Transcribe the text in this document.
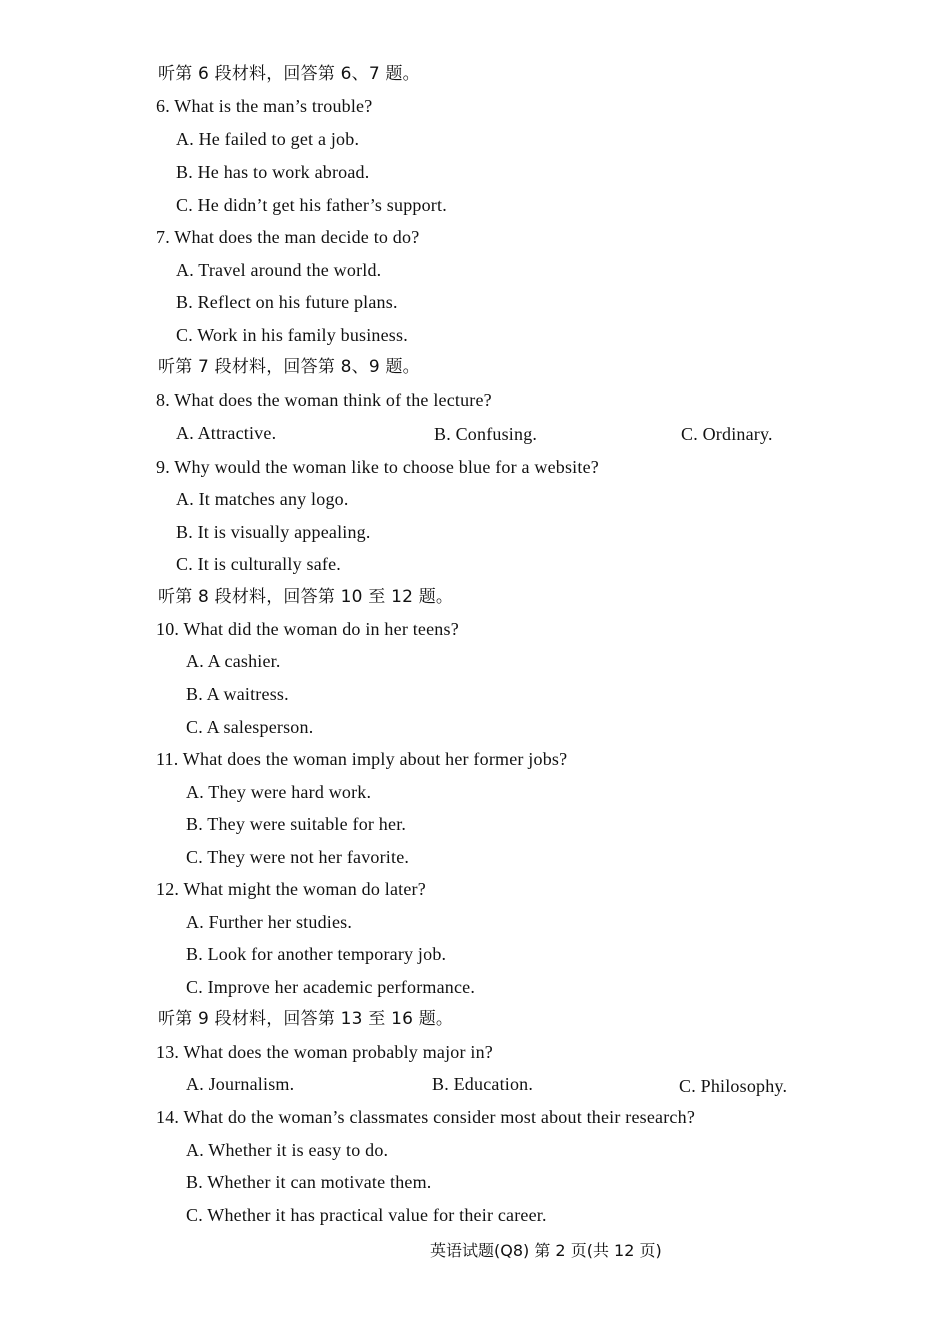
听第 6 段材料，回答第 6、7 题。
6. What is the man’s trouble?
A. He failed to get a job.
B. He has to work abroad.
C. He didn’t get his father’s support.
7. What does the man decide to do?
A. Travel around the world.
B. Reflect on his future plans.
C. Work in his family business.
听第 7 段材料，回答第 8、9 题。
8. What does the woman think of the lecture?
A. Attractive.	B. Confusing.	C. Ordinary.
9. Why would the woman like to choose blue for a website?
A. It matches any logo.
B. It is visually appealing.
C. It is culturally safe.
听第 8 段材料，回答第 10 至 12 题。
10. What did the woman do in her teens?
A. A cashier.
B. A waitress.
C. A salesperson.
11. What does the woman imply about her former jobs?
A. They were hard work.
B. They were suitable for her.
C. They were not her favorite.
12. What might the woman do later?
A. Further her studies.
B. Look for another temporary job.
C. Improve her academic performance.
听第 9 段材料，回答第 13 至 16 题。
13. What does the woman probably major in?
A. Journalism.	B. Education.	C. Philosophy.
14. What do the woman’s classmates consider most about their research?
A. Whether it is easy to do.
B. Whether it can motivate them.
C. Whether it has practical value for their career.
英语试题(Q8) 第 2 页(共 12 页)
